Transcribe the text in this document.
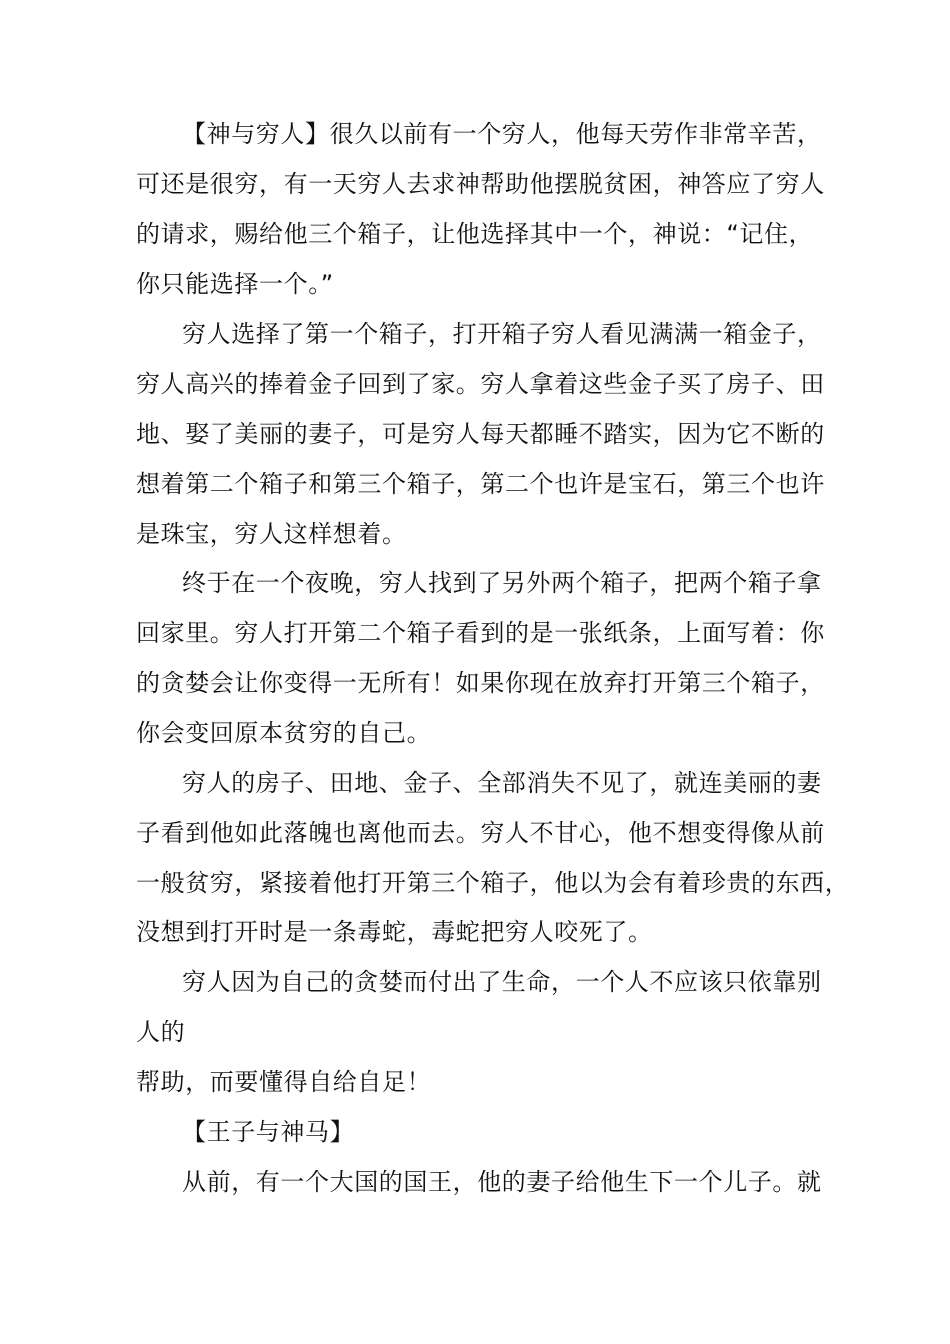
【神与穷人】很久以前有一个穷人，他每天劳作非常辛苦，
可还是很穷，有一天穷人去求神帮助他摆脱贫困，神答应了穷人
的请求，赐给他三个箱子，让他选择其中一个，神说：“记住，
你只能选择一个。”
穷人选择了第一个箱子，打开箱子穷人看见满满一箱金子，
穷人高兴的捧着金子回到了家。穷人拿着这些金子买了房子、田
地、娶了美丽的妻子，可是穷人每天都睡不踏实，因为它不断的
想着第二个箱子和第三个箱子，第二个也许是宝石，第三个也许
是珠宝，穷人这样想着。
终于在一个夜晚，穷人找到了另外两个箱子，把两个箱子拿
回家里。穷人打开第二个箱子看到的是一张纸条，上面写着：你
的贪婪会让你变得一无所有！如果你现在放弃打开第三个箱子，
你会变回原本贫穷的自己。
穷人的房子、田地、金子、全部消失不见了，就连美丽的妻
子看到他如此落魄也离他而去。穷人不甘心，他不想变得像从前
一般贫穷，紧接着他打开第三个箱子，他以为会有着珍贵的东西，
没想到打开时是一条毒蛇，毒蛇把穷人咬死了。
穷人因为自己的贪婪而付出了生命，一个人不应该只依靠别
人的
帮助，而要懂得自给自足！
【王子与神马】
从前，有一个大国的国王，他的妻子给他生下一个儿子。就
